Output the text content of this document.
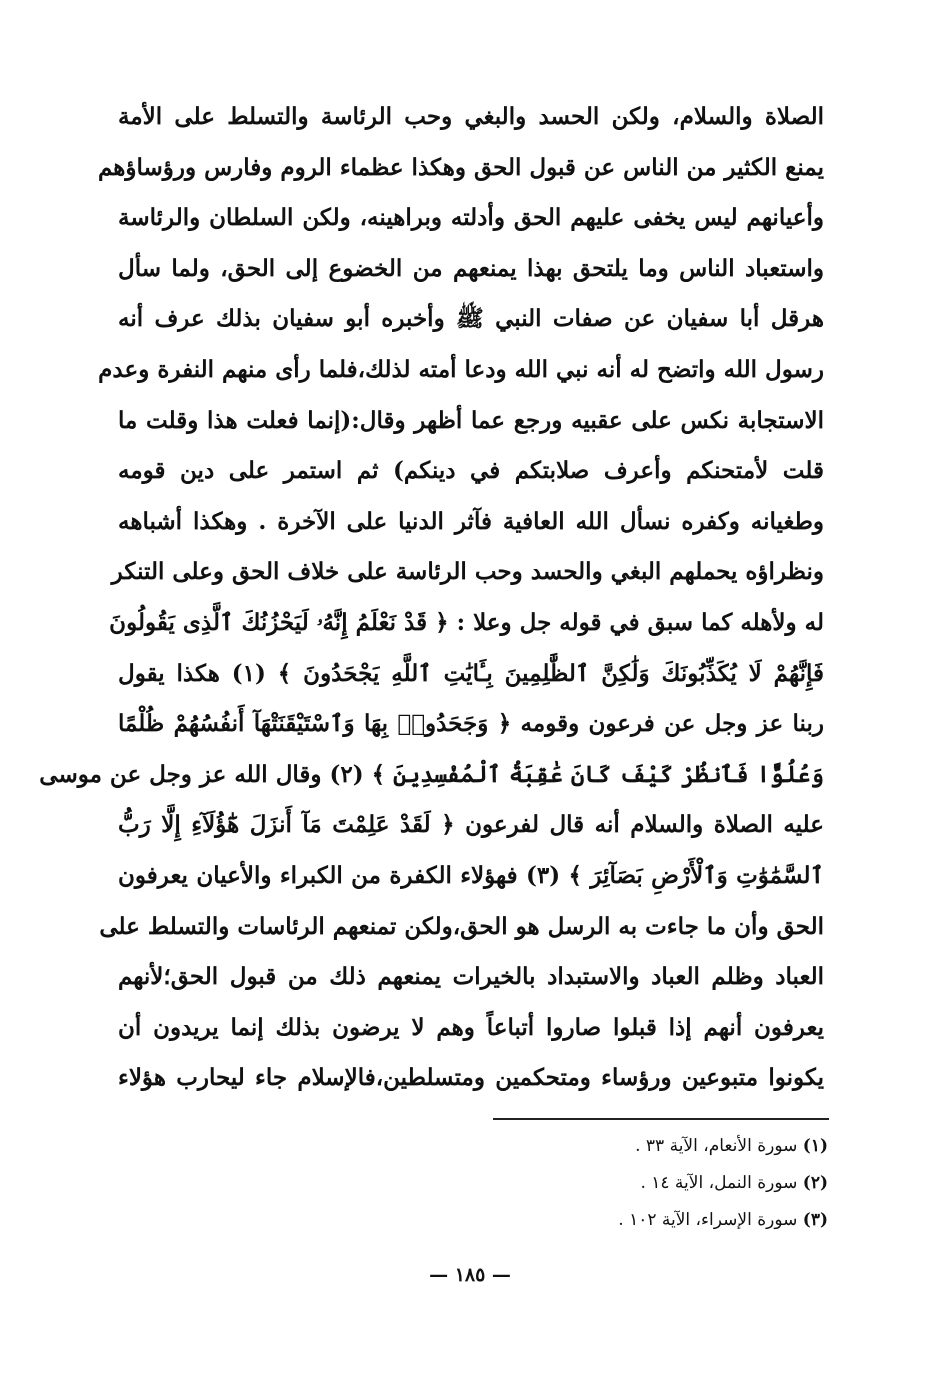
الصلاة والسلام، ولكن الحسد والبغي وحب الرئاسة والتسلط على الأمة
يمنع الكثير من الناس عن قبول الحق وهكذا عظماء الروم وفارس ورؤساؤهم
وأعيانهم ليس يخفى عليهم الحق وأدلته وبراهينه، ولكن السلطان والرئاسة
واستعباد الناس وما يلتحق بهذا يمنعهم من الخضوع إلى الحق، ولما سأل
هرقل أبا سفيان عن صفات النبي ﷺ وأخبره أبو سفيان بذلك عرف أنه
رسول الله واتضح له أنه نبي الله ودعا أمته لذلك،فلما رأى منهم النفرة وعدم
الاستجابة نكس على عقبيه ورجع عما أظهر وقال:(إنما فعلت هذا وقلت ما
قلت لأمتحنكم وأعرف صلابتكم في دينكم) ثم استمر على دين قومه
وطغيانه وكفره نسأل الله العافية فآثر الدنيا على الآخرة . وهكذا أشباهه
ونظراؤه يحملهم البغي والحسد وحب الرئاسة على خلاف الحق وعلى التنكر
له ولأهله كما سبق في قوله جل وعلا : ﴿ قَدْ نَعْلَمُ إِنَّهُۥ لَيَحْزُنُكَ ٱلَّذِى يَقُولُونَ
فَإِنَّهُمْ لَا يُكَذِّبُونَكَ وَلَٰكِنَّ ٱلظَّٰلِمِينَ بِـَٔايَٰتِ ٱللَّهِ يَجْحَدُونَ ﴾ (١) هكذا يقول
ربنا عز وجل عن فرعون وقومه ﴿ وَجَحَدُوا۟ بِهَا وَٱسْتَيْقَنَتْهَآ أَنفُسُهُمْ ظُلْمًا
وَعُلُوًّا فَٱنظُرْ كَيْفَ كَانَ عَٰقِبَةُ ٱلْمُفْسِدِينَ ﴾ (٢) وقال الله عز وجل عن موسى
عليه الصلاة والسلام أنه قال لفرعون ﴿ لَقَدْ عَلِمْتَ مَآ أَنزَلَ هَٰٓؤُلَآءِ إِلَّا رَبُّ
ٱلسَّمَٰوَٰتِ وَٱلْأَرْضِ بَصَآئِرَ ﴾ (٣) فهؤلاء الكفرة من الكبراء والأعيان يعرفون
الحق وأن ما جاءت به الرسل هو الحق،ولكن تمنعهم الرئاسات والتسلط على
العباد وظلم العباد والاستبداد بالخيرات يمنعهم ذلك من قبول الحق؛لأنهم
يعرفون أنهم إذا قبلوا صاروا أتباعاً وهم لا يرضون بذلك إنما يريدون أن
يكونوا متبوعين ورؤساء ومتحكمين ومتسلطين،فالإسلام جاء ليحارب هؤلاء
(١) سورة الأنعام، الآية ٣٣ .
(٢) سورة النمل، الآية ١٤ .
(٣) سورة الإسراء، الآية ١٠٢ .
— ١٨٥ —
